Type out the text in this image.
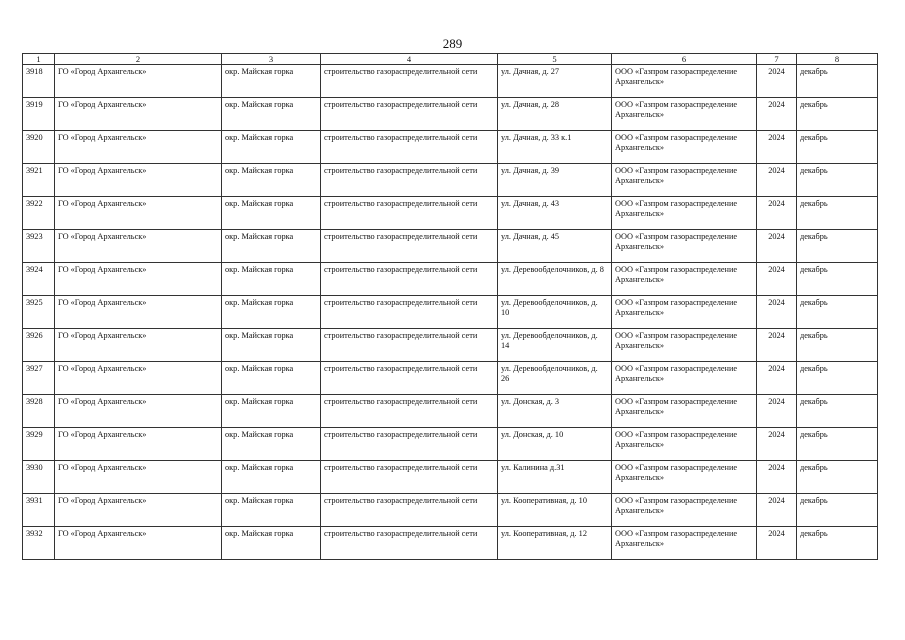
289
1	2	3	4	5	6	7	8
3918	ГО «Город Архангельск»	окр. Майская горка	строительство газораспределительной сети	ул. Дачная, д. 27	ООО «Газпром газораспределение Архангельск»	2024	декабрь
3919	ГО «Город Архангельск»	окр. Майская горка	строительство газораспределительной сети	ул. Дачная, д. 28	ООО «Газпром газораспределение Архангельск»	2024	декабрь
3920	ГО «Город Архангельск»	окр. Майская горка	строительство газораспределительной сети	ул. Дачная, д. 33 к.1	ООО «Газпром газораспределение Архангельск»	2024	декабрь
3921	ГО «Город Архангельск»	окр. Майская горка	строительство газораспределительной сети	ул. Дачная, д. 39	ООО «Газпром газораспределение Архангельск»	2024	декабрь
3922	ГО «Город Архангельск»	окр. Майская горка	строительство газораспределительной сети	ул. Дачная, д. 43	ООО «Газпром газораспределение Архангельск»	2024	декабрь
3923	ГО «Город Архангельск»	окр. Майская горка	строительство газораспределительной сети	ул. Дачная, д. 45	ООО «Газпром газораспределение Архангельск»	2024	декабрь
3924	ГО «Город Архангельск»	окр. Майская горка	строительство газораспределительной сети	ул. Деревообделочников, д. 8	ООО «Газпром газораспределение Архангельск»	2024	декабрь
3925	ГО «Город Архангельск»	окр. Майская горка	строительство газораспределительной сети	ул. Деревообделочников, д. 10	ООО «Газпром газораспределение Архангельск»	2024	декабрь
3926	ГО «Город Архангельск»	окр. Майская горка	строительство газораспределительной сети	ул. Деревообделочников, д. 14	ООО «Газпром газораспределение Архангельск»	2024	декабрь
3927	ГО «Город Архангельск»	окр. Майская горка	строительство газораспределительной сети	ул. Деревообделочников, д. 26	ООО «Газпром газораспределение Архангельск»	2024	декабрь
3928	ГО «Город Архангельск»	окр. Майская горка	строительство газораспределительной сети	ул. Донская, д. 3	ООО «Газпром газораспределение Архангельск»	2024	декабрь
3929	ГО «Город Архангельск»	окр. Майская горка	строительство газораспределительной сети	ул. Донская, д. 10	ООО «Газпром газораспределение Архангельск»	2024	декабрь
3930	ГО «Город Архангельск»	окр. Майская горка	строительство газораспределительной сети	ул. Калинина д.31	ООО «Газпром газораспределение Архангельск»	2024	декабрь
3931	ГО «Город Архангельск»	окр. Майская горка	строительство газораспределительной сети	ул. Кооперативная, д. 10	ООО «Газпром газораспределение Архангельск»	2024	декабрь
3932	ГО «Город Архангельск»	окр. Майская горка	строительство газораспределительной сети	ул. Кооперативная, д. 12	ООО «Газпром газораспределение Архангельск»	2024	декабрь
